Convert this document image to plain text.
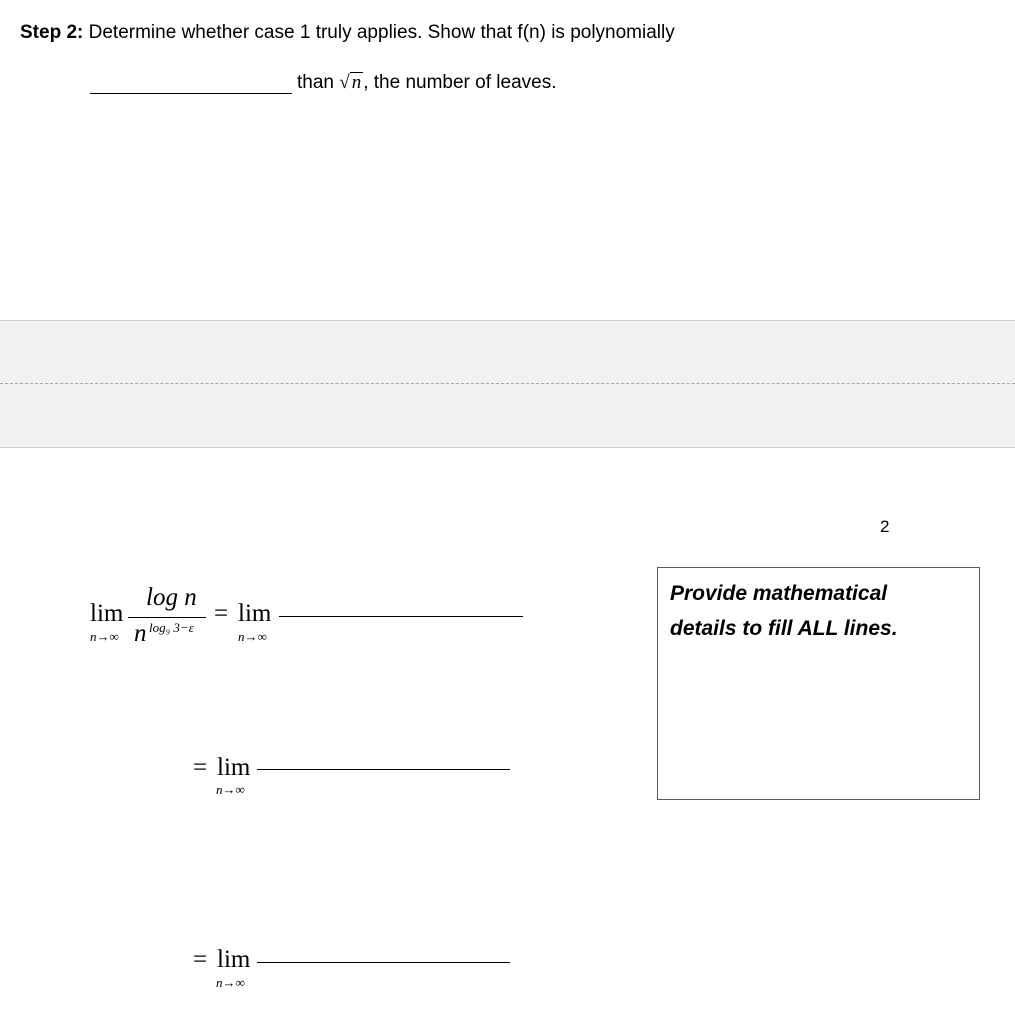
Step 2: Determine whether case 1 truly applies. Show that f(n) is polynomially
than √ n , the number of leaves.
2
lim
n→∞
log n
n log₉ 3−ε
= lim
n→∞
= lim
n→∞
= lim
n→∞
Provide mathematical
details to fill ALL lines.
